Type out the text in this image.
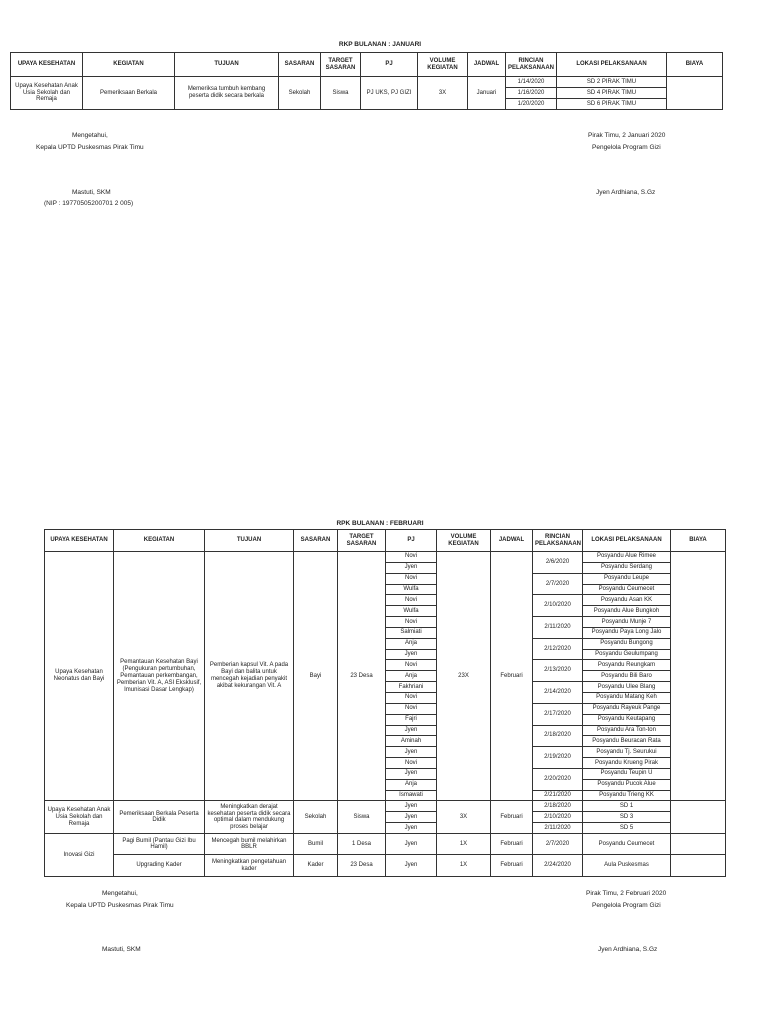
RKP BULANAN : JANUARI
UPAYA KESEHATAN	KEGIATAN	TUJUAN	SASARAN	TARGET SASARAN	PJ	VOLUME KEGIATAN	JADWAL	RINCIAN PELAKSANAAN	LOKASI PELAKSANAAN	BIAYA
Upaya Kesehatan Anak Usia Sekolah dan Remaja	Pemeriksaan Berkala	Memeriksa tumbuh kembang peserta didik secara berkala	Sekolah	Siswa	PJ UKS, PJ GIZI	3X	Januari	1/14/2020	SD 2 PIRAK TIMU	
								1/16/2020	SD 4 PIRAK TIMU	
								1/20/2020	SD 6 PIRAK TIMU	
Mengetahui,
Kepala UPTD Puskesmas Pirak Timu
Mastuti, SKM
(NIP : 19770505200701 2 005)
Pirak Timu, 2 Januari 2020
Pengelola Program Gizi
Jyen Ardhiana, S.Gz
RPK BULANAN : FEBRUARI
UPAYA KESEHATAN	KEGIATAN	TUJUAN	SASARAN	TARGET SASARAN	PJ	VOLUME KEGIATAN	JADWAL	RINCIAN PELAKSANAAN	LOKASI PELAKSANAAN	BIAYA
Upaya Kesehatan Neonatus dan Bayi	Pemantauan Kesehatan Bayi (Pengukuran pertumbuhan, Pemantauan perkembangan, Pemberian Vit. A, ASI Eksklusif, Imunisasi Dasar Lengkap)	Pemberian kapsul Vit. A pada Bayi dan balita untuk mencegah kejadian penyakit akibat kekurangan Vit. A	Bayi	23 Desa	Novi	23X	Februari	2/6/2020	Posyandu Alue Rimee	
					Jyen				Posyandu Serdang	
					Novi			2/7/2020	Posyandu Leupe	
					Wulfa				Posyandu Ceumecet	
					Novi			2/10/2020	Posyandu Asan KK	
					Wulfa				Posyandu Alue Bungkoh	
					Novi			2/11/2020	Posyandu Munje 7	
					Salmiati				Posyandu Paya Long Jalo	
					Anja			2/12/2020	Posyandu Bungong	
					Jyen				Posyandu Geulumpang	
					Novi			2/13/2020	Posyandu Reungkam	
					Anja				Posyandu Bili Baro	
					Fakhriani			2/14/2020	Posyandu Ulee Blang	
					Novi				Posyandu Matang Keh	
					Novi			2/17/2020	Posyandu Rayeuk Pange	
					Fajri				Posyandu Keutapang	
					Jyen			2/18/2020	Posyandu Ara Ton-ton	
					Aminah				Posyandu Beuracan Rata	
					Jyen			2/19/2020	Posyandu Tj. Seurukui	
					Novi				Posyandu Krueng Pirak	
					Jyen			2/20/2020	Posyandu Teupin U	
					Anja				Posyandu Pucok Alue	
					Ismawati			2/21/2020	Posyandu Trieng KK	
Upaya Kesehatan Anak Usia Sekolah dan Remaja	Pemeriksaan Berkala Peserta Didik	Meningkatkan derajat kesehatan peserta didik secara optimal dalam mendukung proses belajar	Sekolah	Siswa	Jyen	3X	Februari	2/18/2020	SD 1	
					Jyen			2/10/2020	SD 3	
					Jyen			2/11/2020	SD 5	
Inovasi Gizi	Pagi Bumil (Pantau Gizi Ibu Hamil)	Mencegah bumil melahirkan BBLR	Bumil	1 Desa	Jyen	1X	Februari	2/7/2020	Posyandu Ceumecet	
	Upgrading Kader	Meningkatkan pengetahuan kader	Kader	23 Desa	Jyen	1X	Februari	2/24/2020	Aula Puskesmas	
Mengetahui,
Kepala UPTD Puskesmas Pirak Timu
Mastuti, SKM
Pirak Timu, 2 Februari 2020
Pengelola Program Gizi
Jyen Ardhiana, S.Gz
